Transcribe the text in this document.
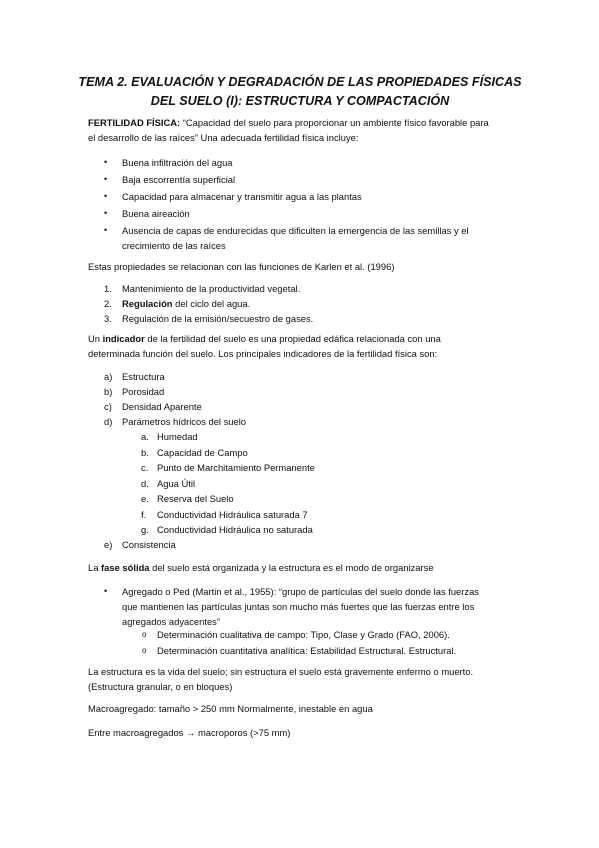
TEMA 2. EVALUACIÓN Y DEGRADACIÓN DE LAS PROPIEDADES FÍSICAS
DEL SUELO (I): ESTRUCTURA Y COMPACTACIÓN

FERTILIDAD FÍSICA: “Capacidad del suelo para proporcionar un ambiente físico favorable para
el desarrollo de las raíces” Una adecuada fertilidad física incluye:

• Buena infiltración del agua
• Baja escorrentía superficial
• Capacidad para almacenar y transmitir agua a las plantas
• Buena aireación
• Ausencia de capas de endurecidas que dificulten la emergencia de las semillas y el
crecimiento de las raíces

Estas propiedades se relacionan con las funciones de Karlen et al. (1996)

1. Mantenimiento de la productividad vegetal.
2. Regulación del ciclo del agua.
3. Regulación de la emisión/secuestro de gases.

Un indicador de la fertilidad del suelo es una propiedad edáfica relacionada con una
determinada función del suelo. Los principales indicadores de la fertilidad física son:

a) Estructura
b) Porosidad
c) Densidad Aparente
d) Parámetros hídricos del suelo
a. Humedad
b. Capacidad de Campo
c. Punto de Marchitamiento Permanente
d. Agua Útil
e. Reserva del Suelo
f. Conductividad Hidráulica saturada 7
g. Conductividad Hidráulica no saturada
e) Consistencia

La fase sólida del suelo está organizada y la estructura es el modo de organizarse

• Agregado o Ped (Martin et al., 1955): “grupo de partículas del suelo donde las fuerzas
que mantienen las partículas juntas son mucho más fuertes que las fuerzas entre los
agregados adyacentes”
o Determinación cualitativa de campo: Tipo, Clase y Grado (FAO, 2006).
o Determinación cuantitativa analítica: Estabilidad Estructural. Estructural.

La estructura es la vida del suelo; sin estructura el suelo está gravemente enfermo o muerto.
(Estructura granular, o en bloques)

Macroagregado: tamaño > 250 mm Normalmente, inestable en agua

Entre macroagregados → macroporos (>75 mm)
